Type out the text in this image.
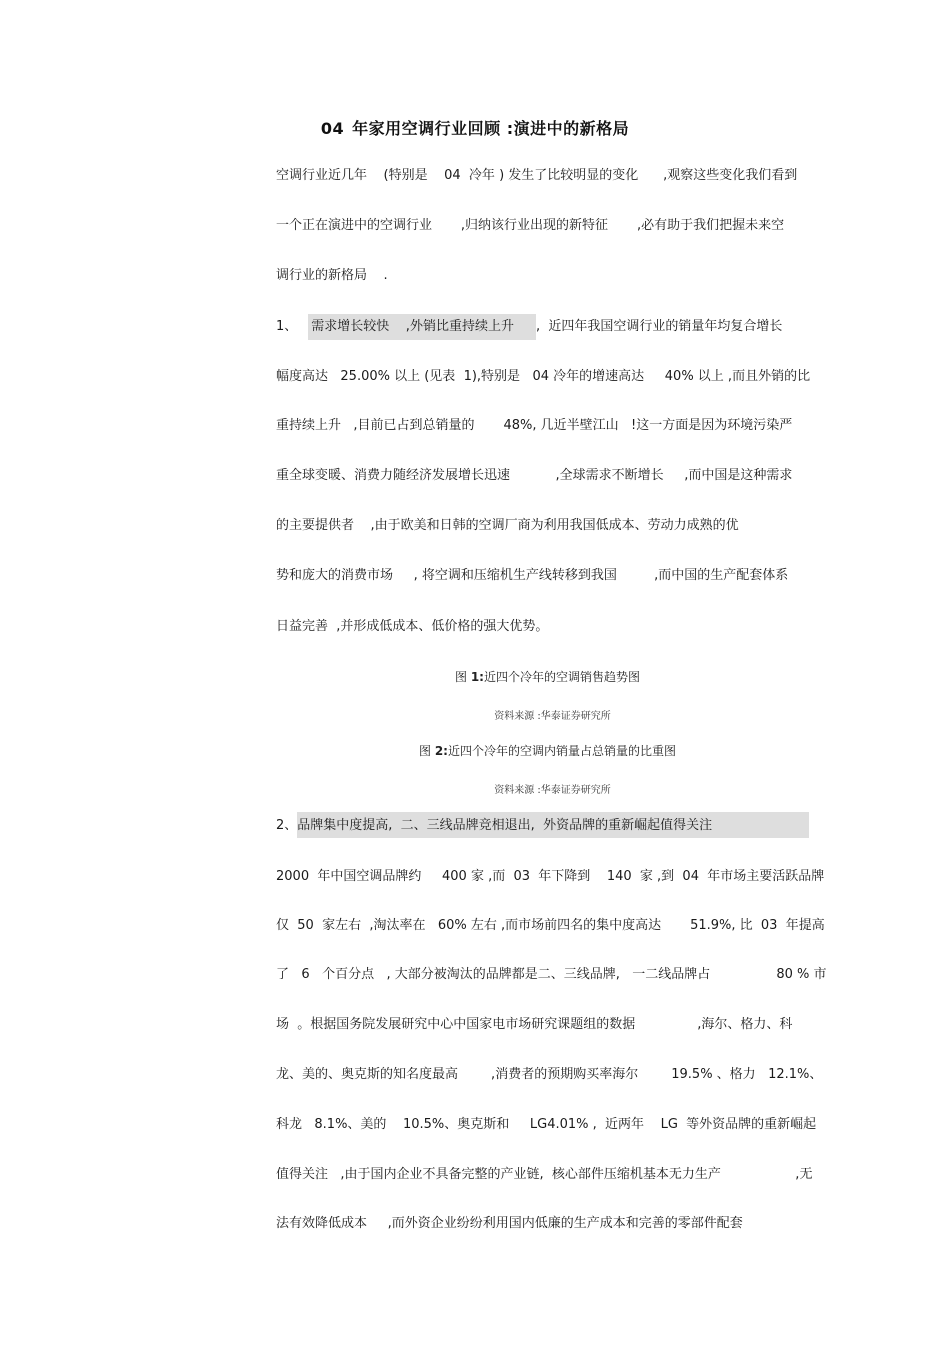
04 年家用空调行业回顾 :演进中的新格局
空调行业近几年    (特别是    04  冷年 ) 发生了比较明显的变化      ,观察这些变化我们看到
一个正在演进中的空调行业       ,归纳该行业出现的新特征       ,必有助于我们把握未来空
调行业的新格局    .
1、 需求增长较快    ,外销比重持续上升 ,  近四年我国空调行业的销量年均复合增长
幅度高达   25.00% 以上 (见表  1),特别是   04 冷年的增速高达     40% 以上 ,而且外销的比
重持续上升   ,目前已占到总销量的       48%, 几近半壁江山   !这一方面是因为环境污染严
重全球变暖、消费力随经济发展增长迅速           ,全球需求不断增长     ,而中国是这种需求
的主要提供者    ,由于欧美和日韩的空调厂商为利用我国低成本、劳动力成熟的优
势和庞大的消费市场     , 将空调和压缩机生产线转移到我国         ,而中国的生产配套体系
日益完善  ,并形成低成本、低价格的强大优势。
图 1:近四个冷年的空调销售趋势图
资料来源 :华泰证券研究所
图 2:近四个冷年的空调内销量占总销量的比重图
资料来源 :华泰证券研究所
2、品牌集中度提高,  二、三线品牌竞相退出,  外资品牌的重新崛起值得关注
2000  年中国空调品牌约     400 家 ,而  03  年下降到    140  家 ,到  04  年市场主要活跃品牌
仅  50  家左右  ,淘汰率在   60% 左右 ,而市场前四名的集中度高达       51.9%, 比  03  年提高
了   6   个百分点   , 大部分被淘汰的品牌都是二、三线品牌,   一二线品牌占                80 % 市
场  。根据国务院发展研究中心中国家电市场研究课题组的数据               ,海尔、格力、科
龙、美的、奥克斯的知名度最高        ,消费者的预期购买率海尔        19.5% 、格力   12.1%、
科龙   8.1%、美的    10.5%、奥克斯和     LG4.01% ,  近两年    LG  等外资品牌的重新崛起
值得关注   ,由于国内企业不具备完整的产业链,  核心部件压缩机基本无力生产                  ,无
法有效降低成本     ,而外资企业纷纷利用国内低廉的生产成本和完善的零部件配套
